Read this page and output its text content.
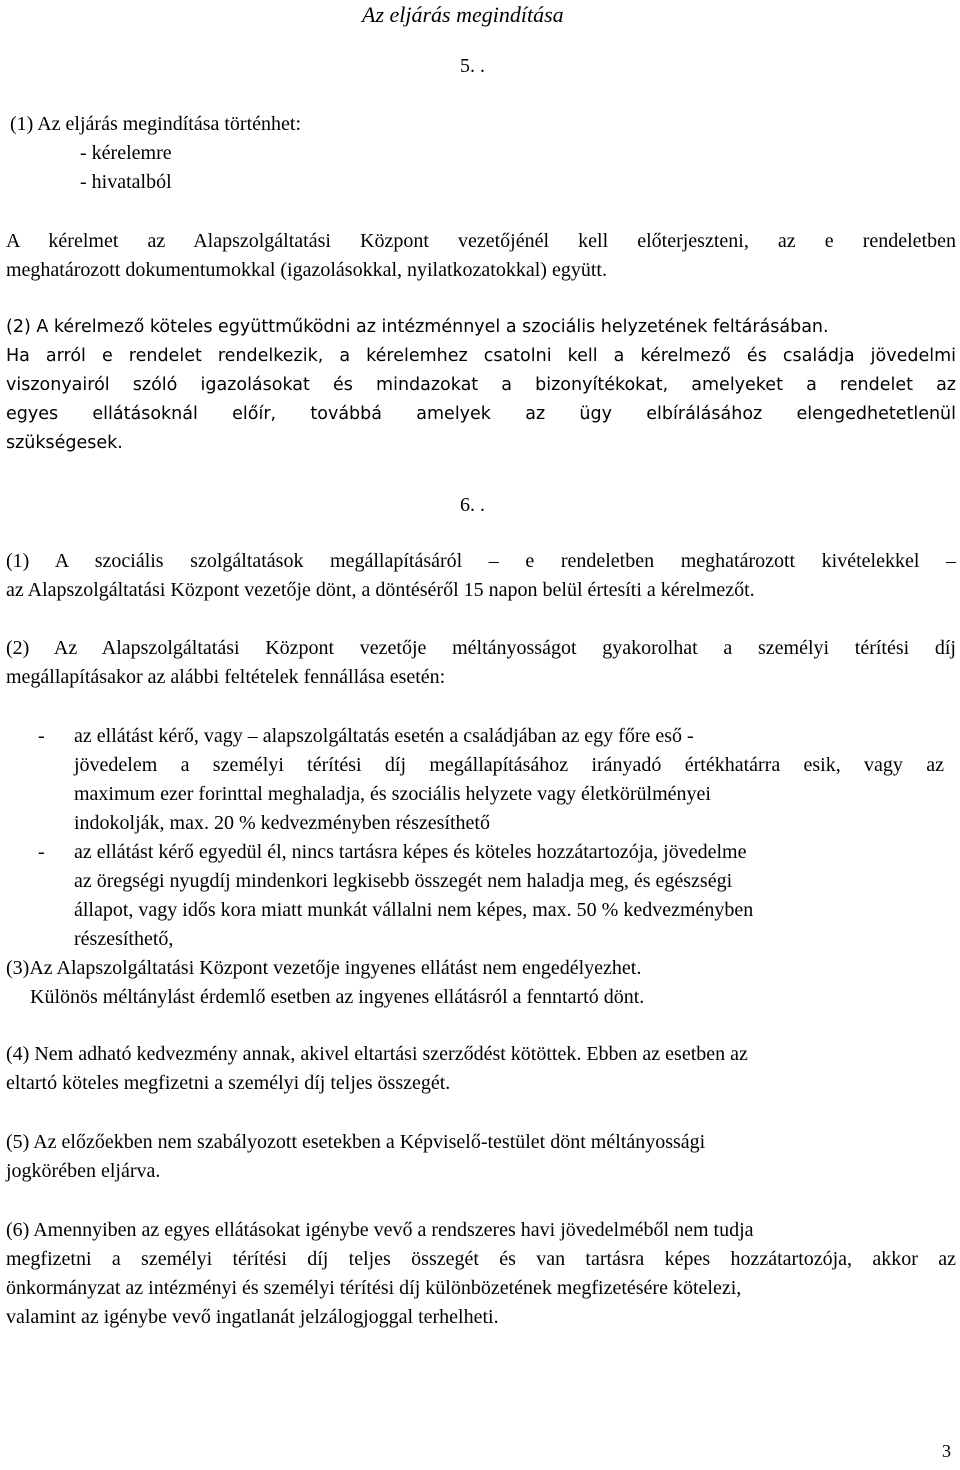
Az eljárás megindítása
5. .
(1) Az eljárás megindítása történhet:
- kérelemre
- hivatalból
A kérelmet az Alapszolgáltatási Központ vezetőjénél kell előterjeszteni, az e rendeletben
meghatározott dokumentumokkal (igazolásokkal, nyilatkozatokkal) együtt.
(2) A kérelmező köteles együttműködni az intézménnyel a szociális helyzetének feltárásában.
Ha arról e rendelet rendelkezik, a kérelemhez csatolni kell a kérelmező és családja jövedelmi
viszonyairól szóló igazolásokat és mindazokat a bizonyítékokat, amelyeket a rendelet az
egyes ellátásoknál előír, továbbá amelyek az ügy elbírálásához elengedhetetlenül
szükségesek.
6. .
(1) A szociális szolgáltatások megállapításáról – e rendeletben meghatározott kivételekkel –
az Alapszolgáltatási Központ vezetője dönt, a döntéséről 15 napon belül értesíti a kérelmezőt.
(2) Az Alapszolgáltatási Központ vezetője méltányosságot gyakorolhat a személyi térítési díj
megállapításakor az alábbi feltételek fennállása esetén:
- az ellátást kérő, vagy – alapszolgáltatás esetén a családjában az egy főre eső -
jövedelem a személyi térítési díj megállapításához irányadó értékhatárra esik, vagy az
maximum ezer forinttal meghaladja, és szociális helyzete vagy életkörülményei
indokolják, max. 20 % kedvezményben részesíthető
- az ellátást kérő egyedül él, nincs tartásra képes és köteles hozzátartozója, jövedelme
az öregségi nyugdíj mindenkori legkisebb összegét nem haladja meg, és egészségi
állapot, vagy idős kora miatt munkát vállalni nem képes, max. 50 % kedvezményben
részesíthető,
(3)Az Alapszolgáltatási Központ vezetője ingyenes ellátást nem engedélyezhet.
Különös méltánylást érdemlő esetben az ingyenes ellátásról a fenntartó dönt.
(4) Nem adható kedvezmény annak, akivel eltartási szerződést kötöttek. Ebben az esetben az
eltartó köteles megfizetni a személyi díj teljes összegét.
(5) Az előzőekben nem szabályozott esetekben a Képviselő-testület dönt méltányossági
jogkörében eljárva.
(6) Amennyiben az egyes ellátásokat igénybe vevő a rendszeres havi jövedelméből nem tudja
megfizetni a személyi térítési díj teljes összegét és van tartásra képes hozzátartozója, akkor az
önkormányzat az intézményi és személyi térítési díj különbözetének megfizetésére kötelezi,
valamint az igénybe vevő ingatlanát jelzálogjoggal terhelheti.
3
